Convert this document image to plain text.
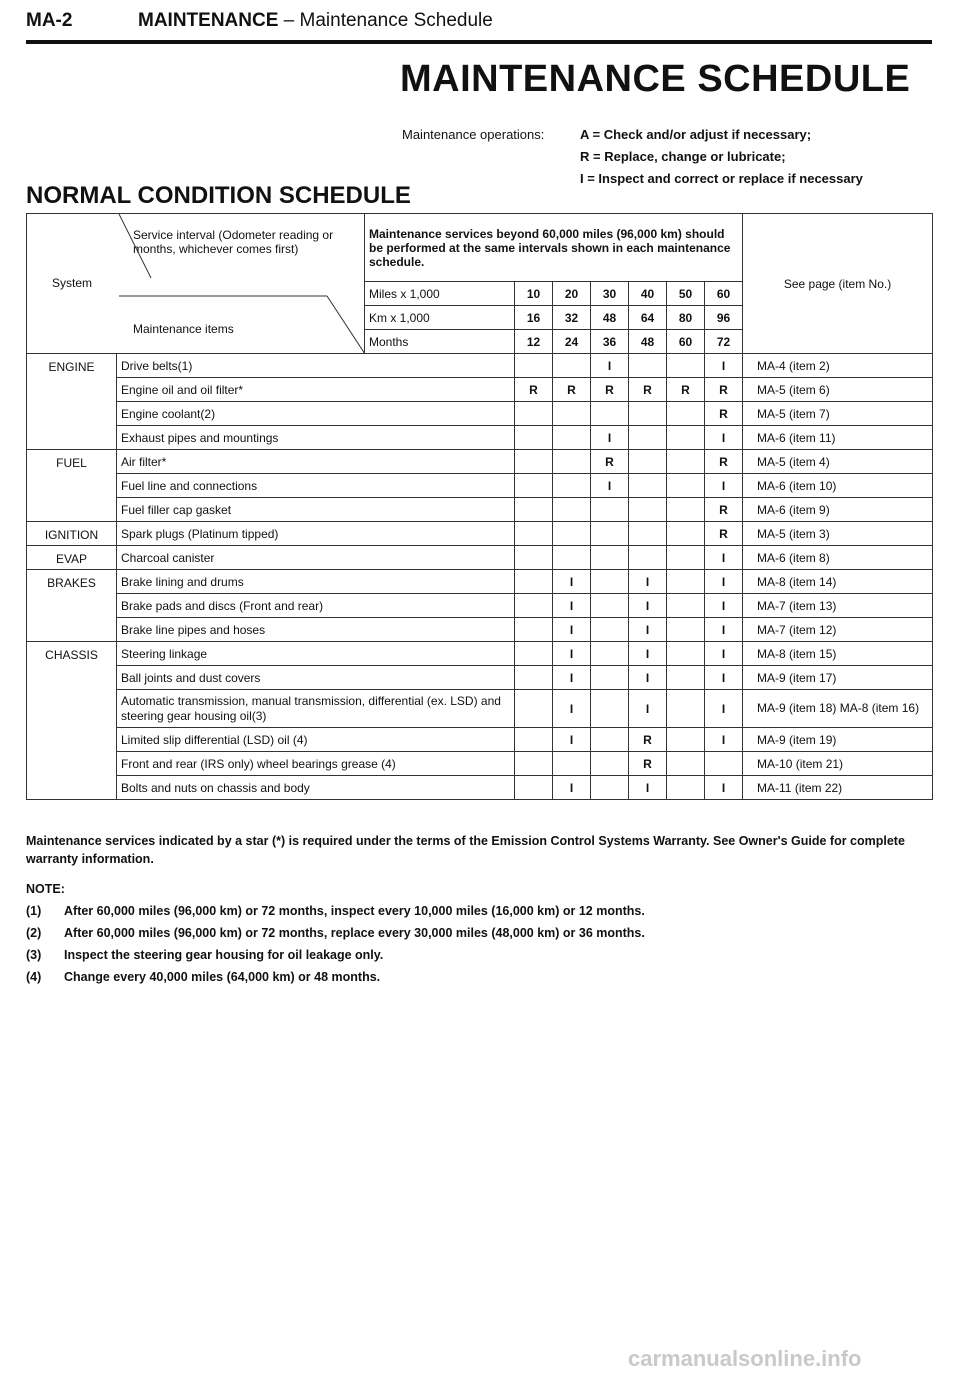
MA-2	MAINTENANCE – Maintenance Schedule
MAINTENANCE SCHEDULE
Maintenance operations:	A = Check and/or adjust if necessary;
R = Replace, change or lubricate;
I = Inspect and correct or replace if necessary
NORMAL CONDITION SCHEDULE
System
Service interval (Odometer reading or months, whichever comes first)
Maintenance items		Maintenance services beyond 60,000 miles (96,000 km) should be performed at the same intervals shown in each maintenance schedule.							See page (item No.)
		Miles x 1,000	10	20	30	40	50	60	
		Km x 1,000	16	32	48	64	80	96	
		Months	12	24	36	48	60	72	
ENGINE	Drive belts(1)				I			I	MA-4 (item 2)
	Engine oil and oil filter*		R	R	R	R	R	R	MA-5 (item 6)
	Engine coolant(2)							R	MA-5 (item 7)
	Exhaust pipes and mountings				I			I	MA-6 (item 11)
FUEL	Air filter*				R			R	MA-5 (item 4)
	Fuel line and connections				I			I	MA-6 (item 10)
	Fuel filler cap gasket							R	MA-6 (item 9)
IGNITION	Spark plugs (Platinum tipped)							R	MA-5 (item 3)
EVAP	Charcoal canister							I	MA-6 (item 8)
BRAKES	Brake lining and drums			I		I		I	MA-8 (item 14)
	Brake pads and discs (Front and rear)			I		I		I	MA-7 (item 13)
	Brake line pipes and hoses			I		I		I	MA-7 (item 12)
CHASSIS	Steering linkage			I		I		I	MA-8 (item 15)
	Ball joints and dust covers			I		I		I	MA-9 (item 17)
	Automatic transmission, manual transmission, differential (ex. LSD) and steering gear housing oil(3)			I		I		I	MA-9 (item 18) MA-8 (item 16)
	Limited slip differential (LSD) oil (4)			I		R		I	MA-9 (item 19)
	Front and rear (IRS only) wheel bearings grease (4)					R			MA-10 (item 21)
	Bolts and nuts on chassis and body			I		I		I	MA-11 (item 22)
Maintenance services indicated by a star (*) is required under the terms of the Emission Control Systems Warranty. See Owner's Guide for complete warranty information.
NOTE:
(1) After 60,000 miles (96,000 km) or 72 months, inspect every 10,000 miles (16,000 km) or 12 months.
(2) After 60,000 miles (96,000 km) or 72 months, replace every 30,000 miles (48,000 km) or 36 months.
(3) Inspect the steering gear housing for oil leakage only.
(4) Change every 40,000 miles (64,000 km) or 48 months.
carmanualsonline.info
